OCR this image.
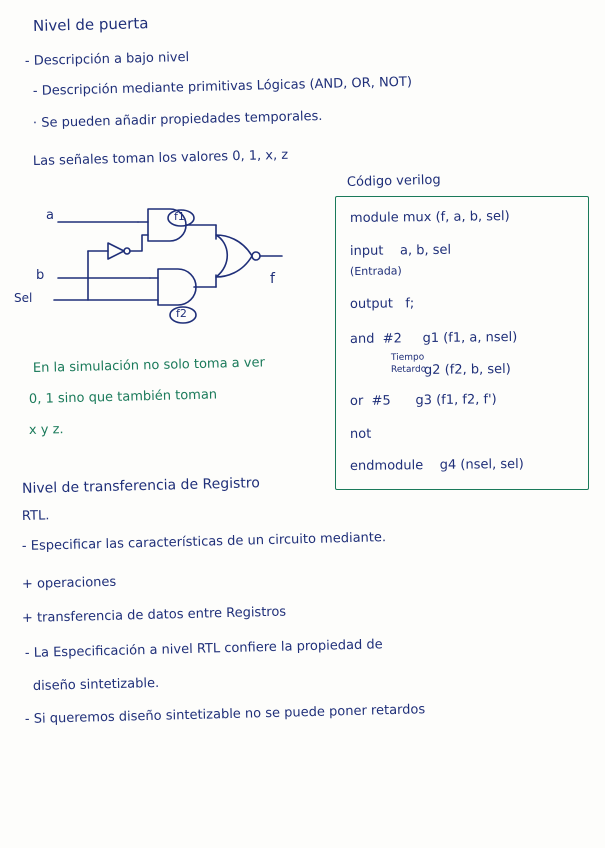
Nivel de puerta
- Descripción a bajo nivel
- Descripción mediante primitivas Lógicas (AND, OR, NOT)
· Se pueden añadir propiedades temporales.
Las señales toman los valores 0, 1, x, z
a
b
Sel
f
f1
f2
En la simulación no solo toma a ver
0, 1 sino que también toman
x y z.
Código verilog
module mux (f, a, b, sel)
input    a, b, sel
(Entrada)
output   f;
and  #2     g1 (f1, a, nsel)
g2 (f2, b, sel)
Tiempo
Retardo
or  #5      g3 (f1, f2, f')
not
endmodule    g4 (nsel, sel)
Nivel de transferencia de Registro
RTL.
- Especificar las características de un circuito mediante.
+ operaciones
+ transferencia de datos entre Registros
- La Especificación a nivel RTL confiere la propiedad de
diseño sintetizable.
- Si queremos diseño sintetizable no se puede poner retardos
